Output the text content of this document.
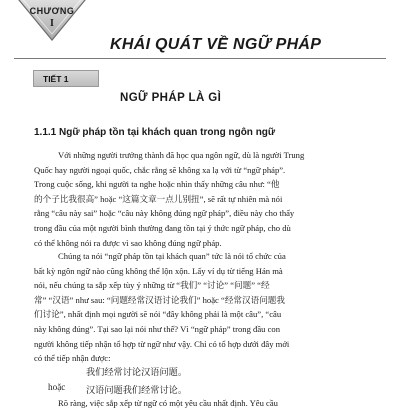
CHƯƠNG
I
KHÁI QUÁT VỀ NGỮ PHÁP
TIẾT 1
NGỮ PHÁP LÀ GÌ
1.1.1 Ngữ pháp tồn tại khách quan trong ngôn ngữ
Với những người trưởng thành đã học qua ngôn ngữ, dù là người Trung
Quốc hay người ngoại quốc, chắc rằng sẽ không xa lạ với từ “ngữ pháp”.
Trong cuộc sống, khi người ta nghe hoặc nhìn thấy những câu như: “他
的个子比我很高” hoặc “这篇文章一点儿别扭”, sẽ rất tự nhiên mà nói
rằng “câu này sai” hoặc “câu này không đúng ngữ pháp”, điều này cho thấy
trong đầu của một người bình thường đang tồn tại ý thức ngữ pháp, cho dù
có thể không nói ra được vì sao không đúng ngữ pháp.
Chúng ta nói “ngữ pháp tồn tại khách quan” tức là nói tổ chức của
bất kỳ ngôn ngữ nào cũng không thể lộn xộn. Lấy ví dụ từ tiếng Hán mà
nói, nếu chúng ta sắp xếp tùy ý những từ “我们” “讨论” “问题” “经
常” “汉语” như sau: “问题经常汉语讨论我们” hoặc “经常汉语问题我
们讨论”, nhất định mọi người sẽ nói “đây không phải là một câu”, “câu
này không đúng”. Tại sao lại nói như thế? Vì “ngữ pháp” trong đầu con
người không tiếp nhận tổ hợp từ ngữ như vậy. Chỉ có tổ hợp dưới đây mới
có thể tiếp nhận được:
我们经常讨论汉语问题。
hoặc 汉语问题我们经常讨论。
Rõ ràng, việc sắp xếp từ ngữ có một yêu cầu nhất định. Yêu cầu
